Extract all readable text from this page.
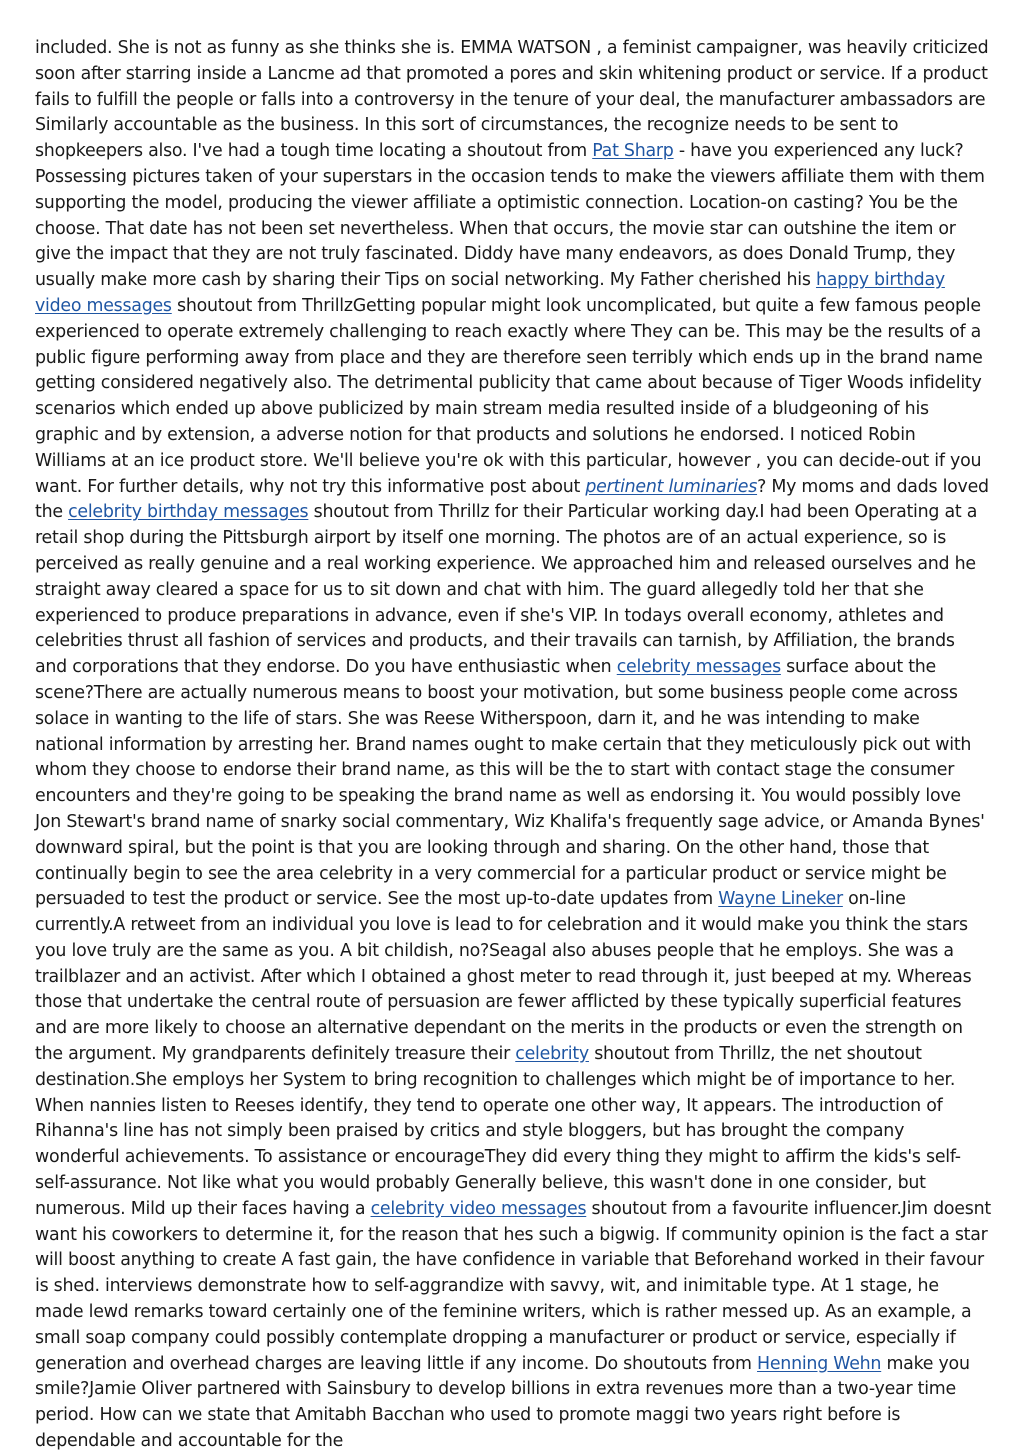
included. She is not as funny as she thinks she is. EMMA WATSON , a feminist campaigner, was heavily criticized soon after starring inside a Lancme ad that promoted a pores and skin whitening product or service. If a product fails to fulfill the people or falls into a controversy in the tenure of your deal, the manufacturer ambassadors are Similarly accountable as the business. In this sort of circumstances, the recognize needs to be sent to shopkeepers also. I've had a tough time locating a shoutout from Pat Sharp - have you experienced any luck?Possessing pictures taken of your superstars in the occasion tends to make the viewers affiliate them with them supporting the model, producing the viewer affiliate a optimistic connection. Location-on casting? You be the choose. That date has not been set nevertheless. When that occurs, the movie star can outshine the item or give the impact that they are not truly fascinated. Diddy have many endeavors, as does Donald Trump, they usually make more cash by sharing their Tips on social networking. My Father cherished his happy birthday video messages shoutout from ThrillzGetting popular might look uncomplicated, but quite a few famous people experienced to operate extremely challenging to reach exactly where They can be. This may be the results of a public figure performing away from place and they are therefore seen terribly which ends up in the brand name getting considered negatively also. The detrimental publicity that came about because of Tiger Woods infidelity scenarios which ended up above publicized by main stream media resulted inside of a bludgeoning of his graphic and by extension, a adverse notion for that products and solutions he endorsed. I noticed Robin Williams at an ice product store. We'll believe you're ok with this particular, however , you can decide-out if you want. For further details, why not try this informative post about pertinent luminaries? My moms and dads loved the celebrity birthday messages shoutout from Thrillz for their Particular working day.I had been Operating at a retail shop during the Pittsburgh airport by itself one morning. The photos are of an actual experience, so is perceived as really genuine and a real working experience. We approached him and released ourselves and he straight away cleared a space for us to sit down and chat with him. The guard allegedly told her that she experienced to produce preparations in advance, even if she's VIP. In todays overall economy, athletes and celebrities thrust all fashion of services and products, and their travails can tarnish, by Affiliation, the brands and corporations that they endorse. Do you have enthusiastic when celebrity messages surface about the scene?There are actually numerous means to boost your motivation, but some business people come across solace in wanting to the life of stars. She was Reese Witherspoon, darn it, and he was intending to make national information by arresting her. Brand names ought to make certain that they meticulously pick out with whom they choose to endorse their brand name, as this will be the to start with contact stage the consumer encounters and they're going to be speaking the brand name as well as endorsing it. You would possibly love Jon Stewart's brand name of snarky social commentary, Wiz Khalifa's frequently sage advice, or Amanda Bynes' downward spiral, but the point is that you are looking through and sharing. On the other hand, those that continually begin to see the area celebrity in a very commercial for a particular product or service might be persuaded to test the product or service. See the most up-to-date updates from Wayne Lineker on-line currently.A retweet from an individual you love is lead to for celebration and it would make you think the stars you love truly are the same as you. A bit childish, no?Seagal also abuses people that he employs. She was a trailblazer and an activist. After which I obtained a ghost meter to read through it, just beeped at my. Whereas those that undertake the central route of persuasion are fewer afflicted by these typically superficial features and are more likely to choose an alternative dependant on the merits in the products or even the strength on the argument. My grandparents definitely treasure their celebrity shoutout from Thrillz, the net shoutout destination.She employs her System to bring recognition to challenges which might be of importance to her. When nannies listen to Reeses identify, they tend to operate one other way, It appears. The introduction of Rihanna's line has not simply been praised by critics and style bloggers, but has brought the company wonderful achievements. To assistance or encourageThey did every thing they might to affirm the kids's self-self-assurance. Not like what you would probably Generally believe, this wasn't done in one consider, but numerous. Mild up their faces having a celebrity video messages shoutout from a favourite influencer.Jim doesnt want his coworkers to determine it, for the reason that hes such a bigwig. If community opinion is the fact a star will boost anything to create A fast gain, the have confidence in variable that Beforehand worked in their favour is shed. interviews demonstrate how to self-aggrandize with savvy, wit, and inimitable type. At 1 stage, he made lewd remarks toward certainly one of the feminine writers, which is rather messed up. As an example, a small soap company could possibly contemplate dropping a manufacturer or product or service, especially if generation and overhead charges are leaving little if any income. Do shoutouts from Henning Wehn make you smile?Jamie Oliver partnered with Sainsbury to develop billions in extra revenues more than a two-year time period. How can we state that Amitabh Bacchan who used to promote maggi two years right before is dependable and accountable for the
